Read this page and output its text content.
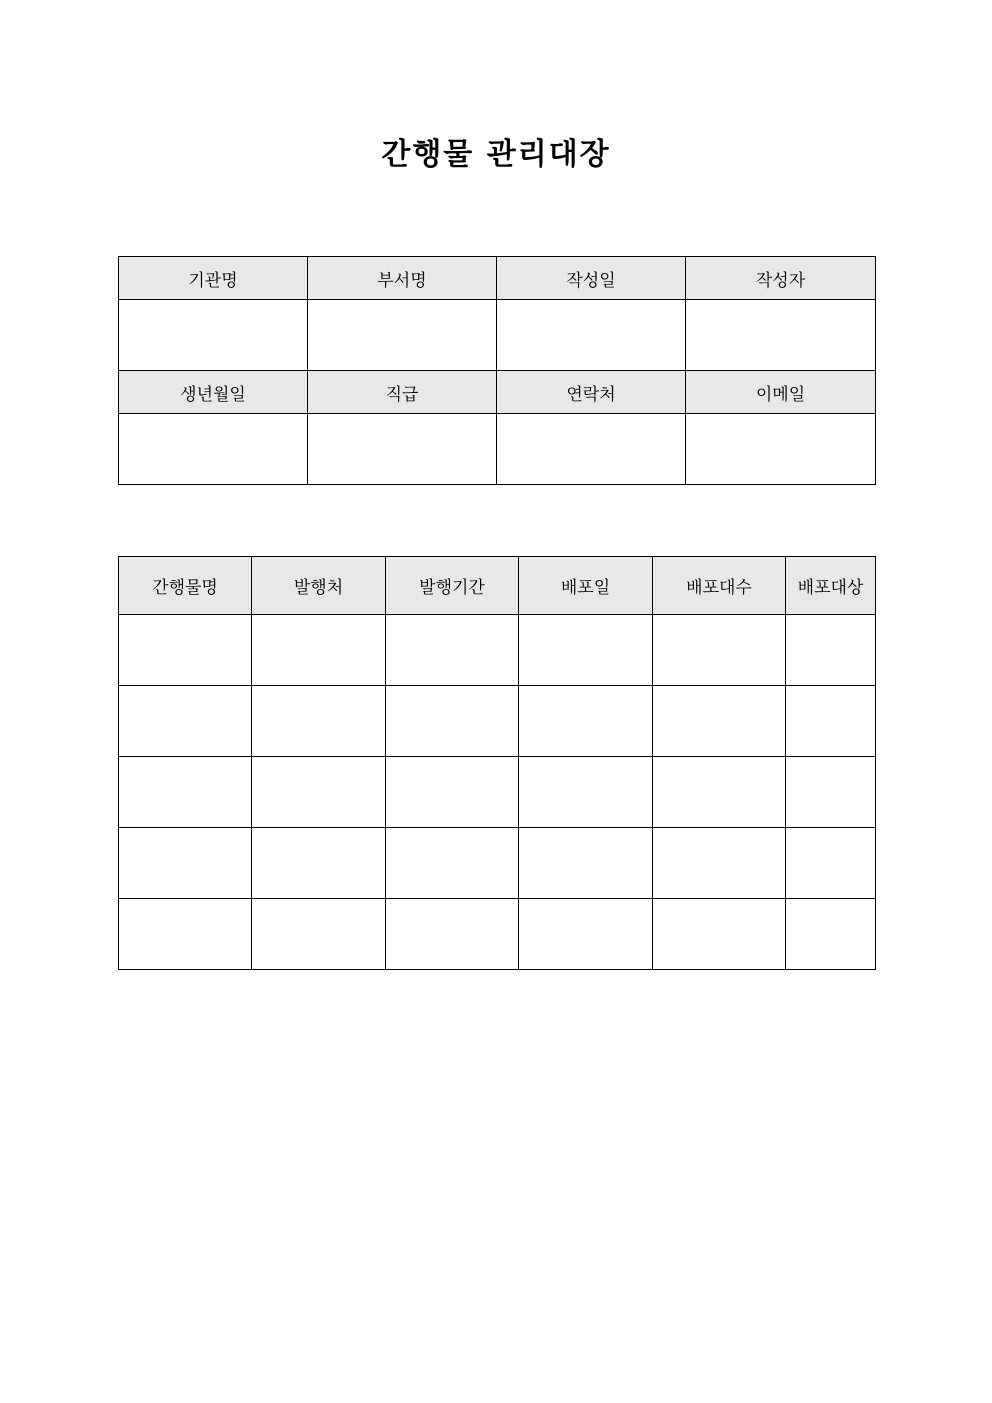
간행물 관리대장
기관명	부서명	작성일	작성자

생년월일	직급	연락처	이메일

간행물명	발행처	발행기간	배포일	배포대수	배포대상
